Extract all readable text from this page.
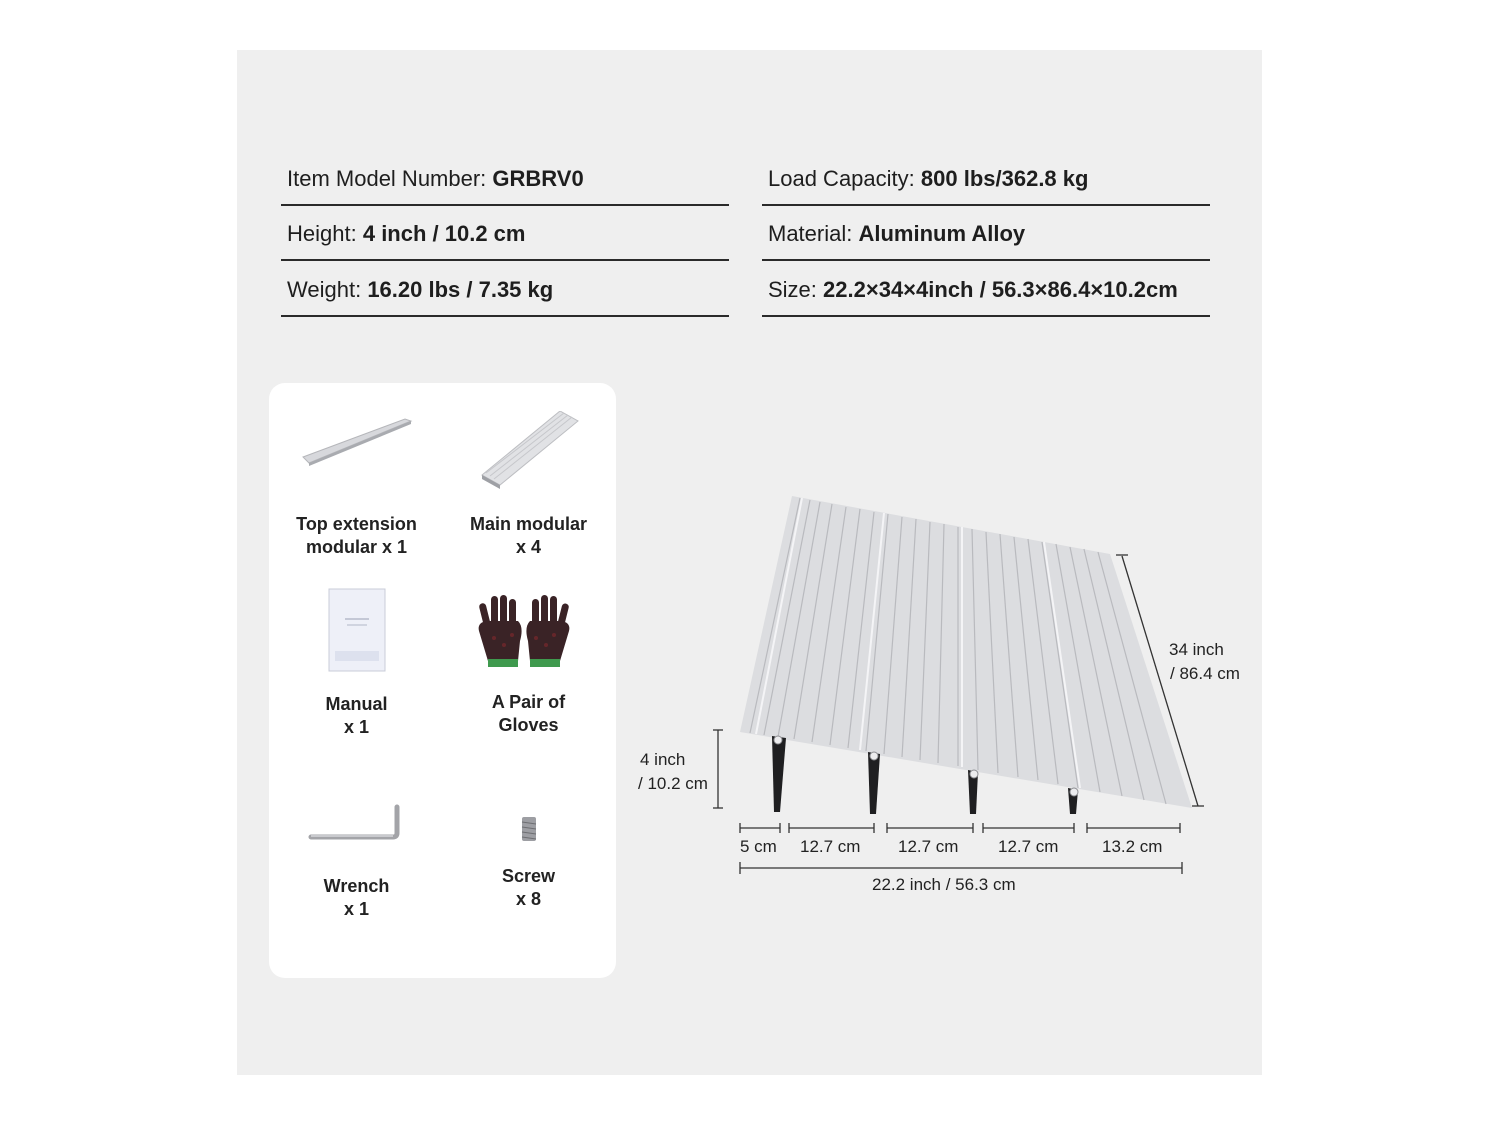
Item Model Number: GRBRV0	Load Capacity: 800 lbs/362.8 kg
Height: 4 inch / 10.2 cm	Material: Aluminum Alloy
Weight: 16.20 lbs / 7.35 kg	Size: 22.2×34×4inch / 56.3×86.4×10.2cm
Top extension
modular x 1
Main modular
x 4
Manual
x 1
A Pair of
Gloves
Wrench
x 1
Screw
x 8
34 inch
/ 86.4 cm
4 inch
/ 10.2 cm
5 cm 12.7 cm 12.7 cm 12.7 cm	13.2 cm
22.2 inch / 56.3 cm
